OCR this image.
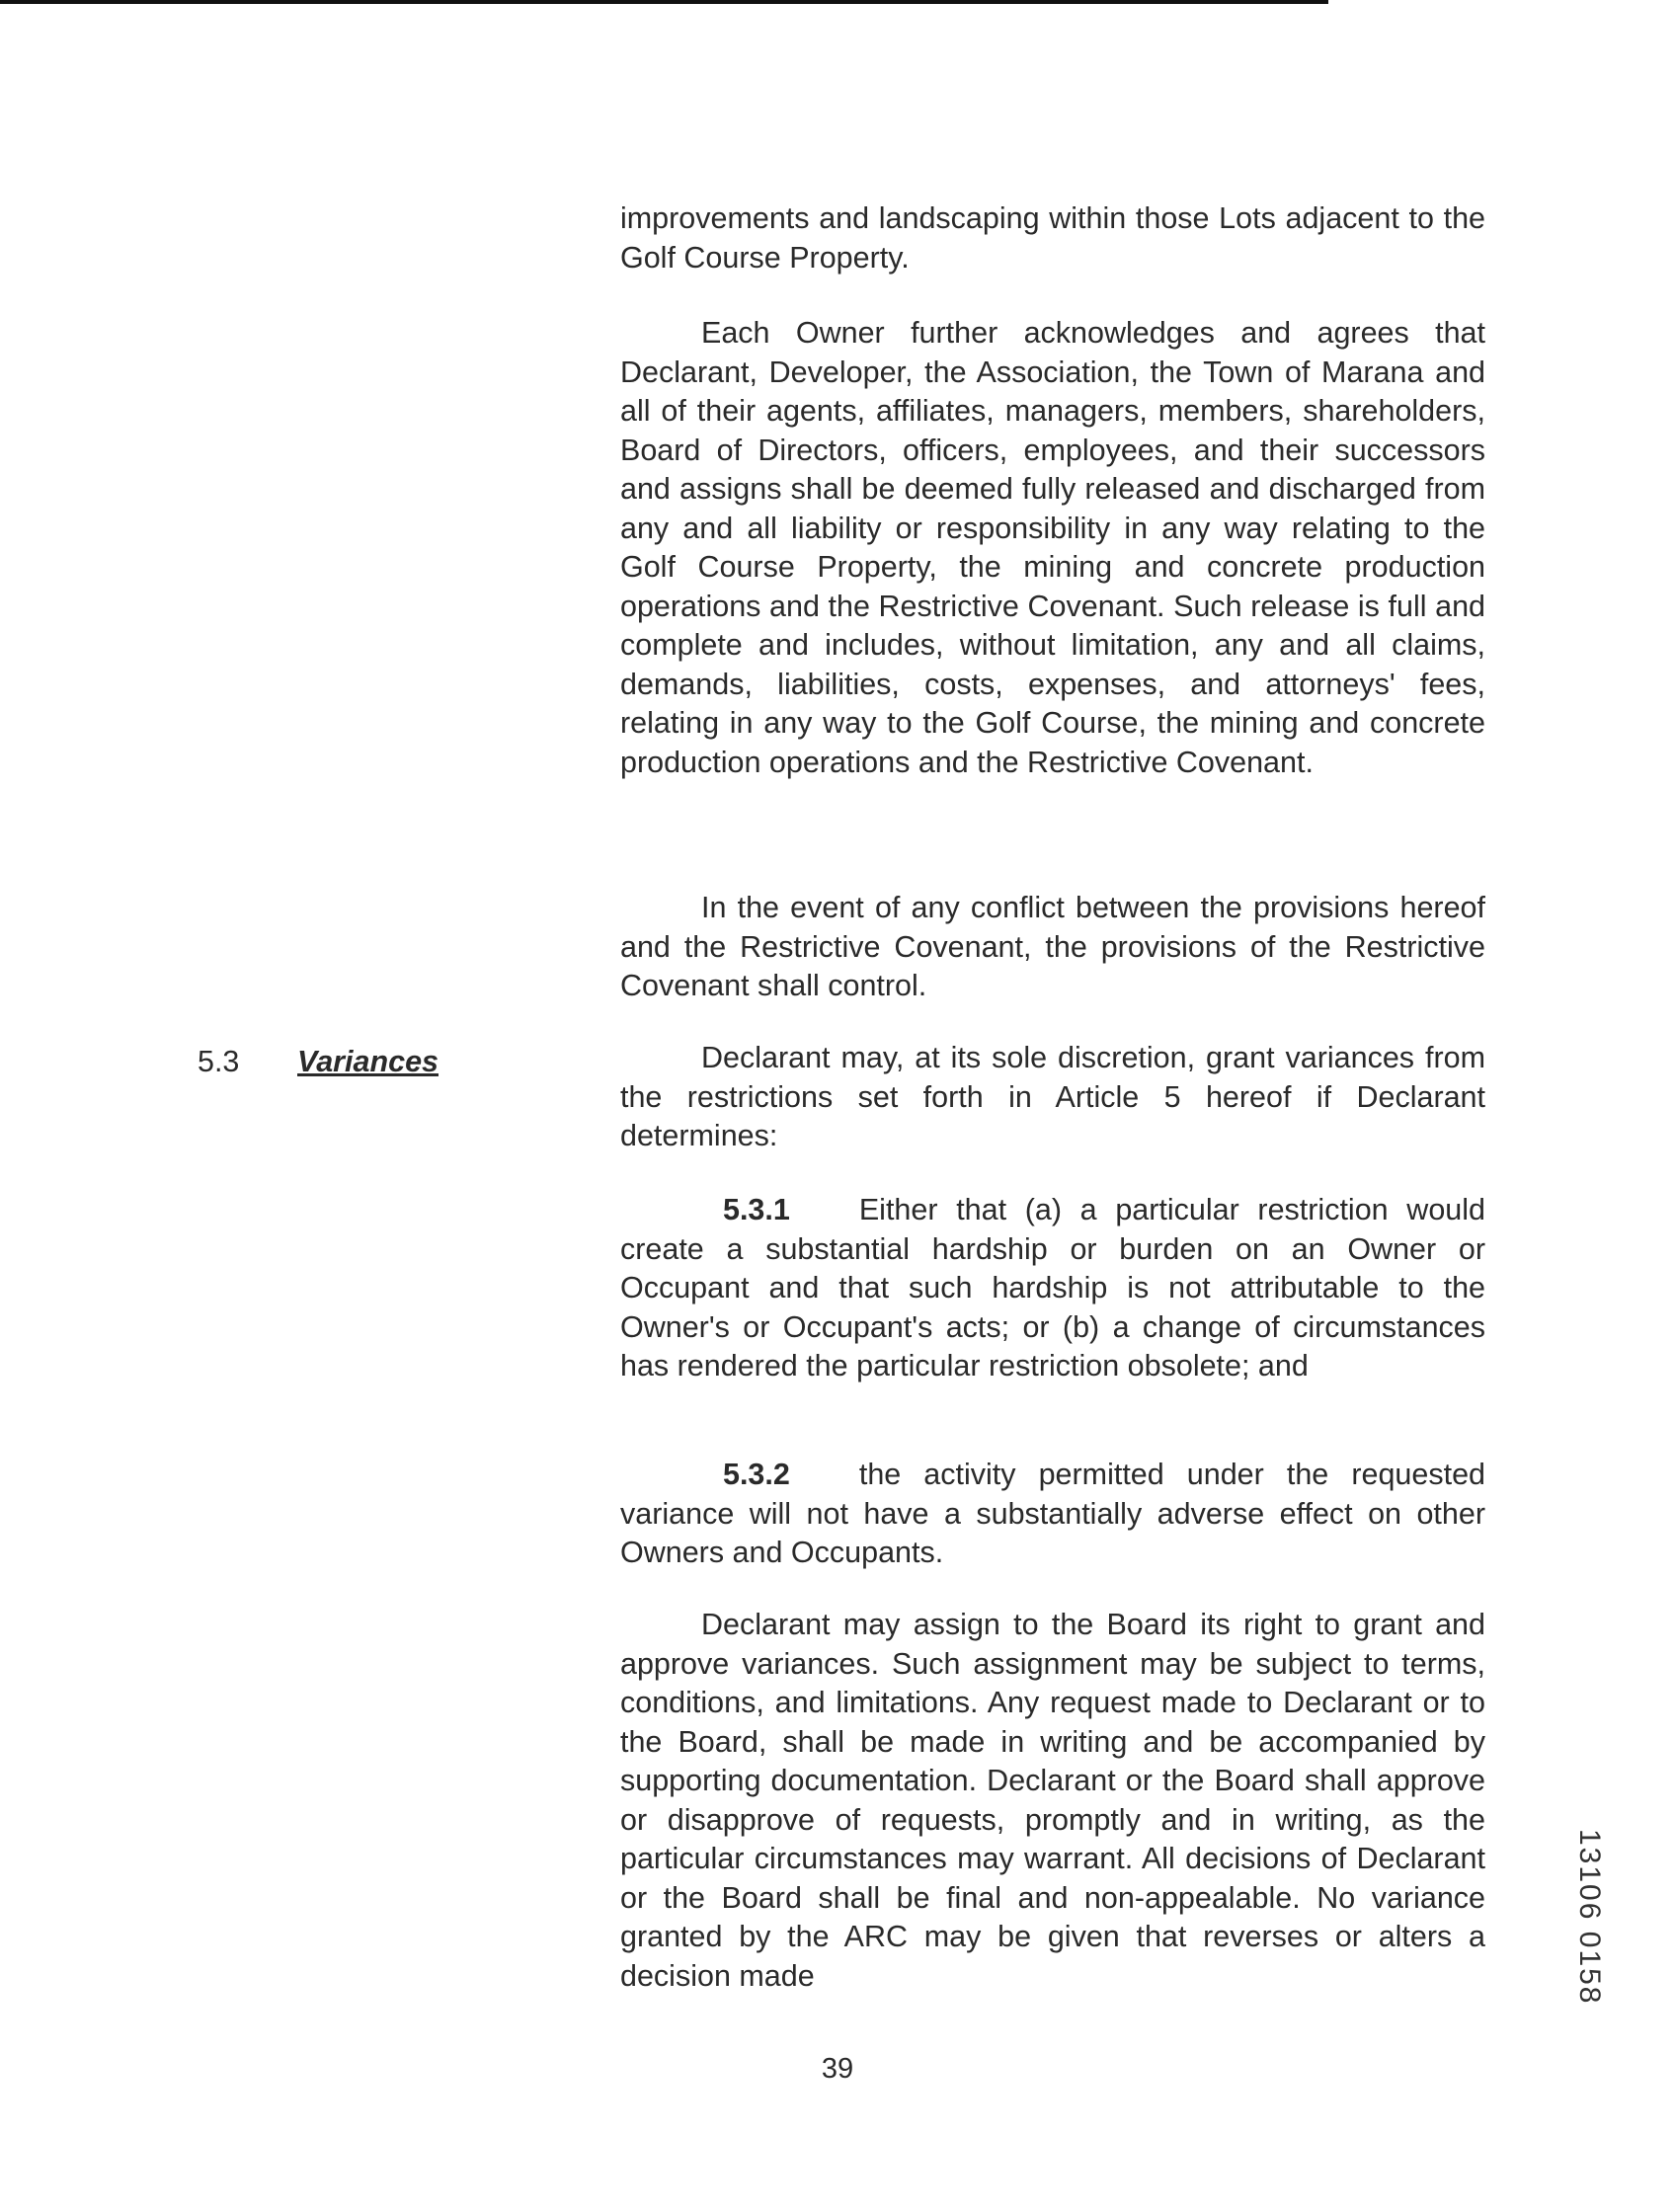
improvements and landscaping within those Lots adjacent to the Golf Course Property.

Each Owner further acknowledges and agrees that Declarant, Developer, the Association, the Town of Marana and all of their agents, affiliates, managers, members, shareholders, Board of Directors, officers, employees, and their successors and assigns shall be deemed fully released and discharged from any and all liability or responsibility in any way relating to the Golf Course Property, the mining and concrete production operations and the Restrictive Covenant. Such release is full and complete and includes, without limitation, any and all claims, demands, liabilities, costs, expenses, and attorneys' fees, relating in any way to the Golf Course, the mining and concrete production operations and the Restrictive Covenant.

In the event of any conflict between the provisions hereof and the Restrictive Covenant, the provisions of the Restrictive Covenant shall control.

5.3 Variances	Declarant may, at its sole discretion, grant variances from the restrictions set forth in Article 5 hereof if Declarant determines:

5.3.1 Either that (a) a particular restriction would create a substantial hardship or burden on an Owner or Occupant and that such hardship is not attributable to the Owner's or Occupant's acts; or (b) a change of circumstances has rendered the particular restriction obsolete; and

5.3.2 the activity permitted under the requested variance will not have a substantially adverse effect on other Owners and Occupants.

Declarant may assign to the Board its right to grant and approve variances. Such assignment may be subject to terms, conditions, and limitations. Any request made to Declarant or to the Board, shall be made in writing and be accompanied by supporting documentation. Declarant or the Board shall approve or disapprove of requests, promptly and in writing, as the particular circumstances may warrant. All decisions of Declarant or the Board shall be final and non-appealable. No variance granted by the ARC may be given that reverses or alters a decision made

39
13106 0158
